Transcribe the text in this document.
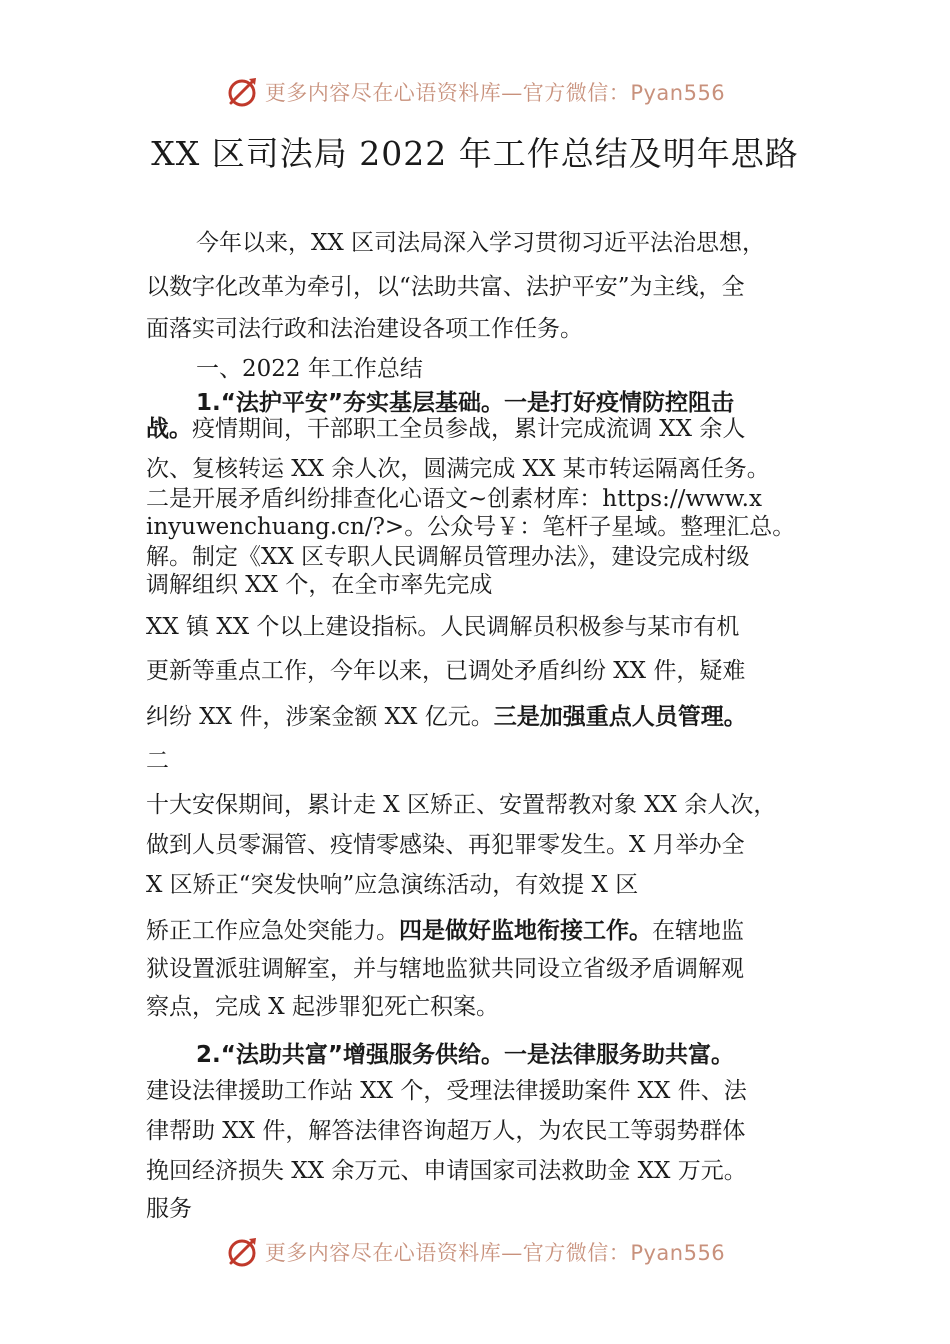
更多内容尽在心语资料库—官方微信：Pyan556
XX 区司法局 2022 年工作总结及明年思路

今年以来，XX 区司法局深入学习贯彻习近平法治思想，

以数字化改革为牵引，以“法助共富、法护平安”为主线，全

面落实司法行政和法治建设各项工作任务。

一、2022 年工作总结

1.“法护平安”夯实基层基础。一是打好疫情防控阻击

战。疫情期间，干部职工全员参战，累计完成流调 XX 余人

次、复核转运 XX 余人次，圆满完成 XX 某市转运隔离任务。

二是开展矛盾纠纷排查化心语文~创素材库：https://www.x

inyuwenchuang.cn/?>。公众号￥：笔杆子星域。整理汇总。

解。制定《XX 区专职人民调解员管理办法》，建设完成村级

调解组织 XX 个，在全市率先完成

XX 镇 XX 个以上建设指标。人民调解员积极参与某市有机

更新等重点工作，今年以来，已调处矛盾纠纷 XX 件，疑难

纠纷 XX 件，涉案金额 XX 亿元。三是加强重点人员管理。

二

十大安保期间，累计走 X 区矫正、安置帮教对象 XX 余人次，

做到人员零漏管、疫情零感染、再犯罪零发生。X 月举办全

X 区矫正“突发快响”应急演练活动，有效提 X 区

矫正工作应急处突能力。四是做好监地衔接工作。在辖地监

狱设置派驻调解室，并与辖地监狱共同设立省级矛盾调解观

察点，完成 X 起涉罪犯死亡积案。

2.“法助共富”增强服务供给。一是法律服务助共富。

建设法律援助工作站 XX 个，受理法律援助案件 XX 件、法

律帮助 XX 件，解答法律咨询超万人，为农民工等弱势群体

挽回经济损失 XX 余万元、申请国家司法救助金 XX 万元。

服务

更多内容尽在心语资料库—官方微信：Pyan556
